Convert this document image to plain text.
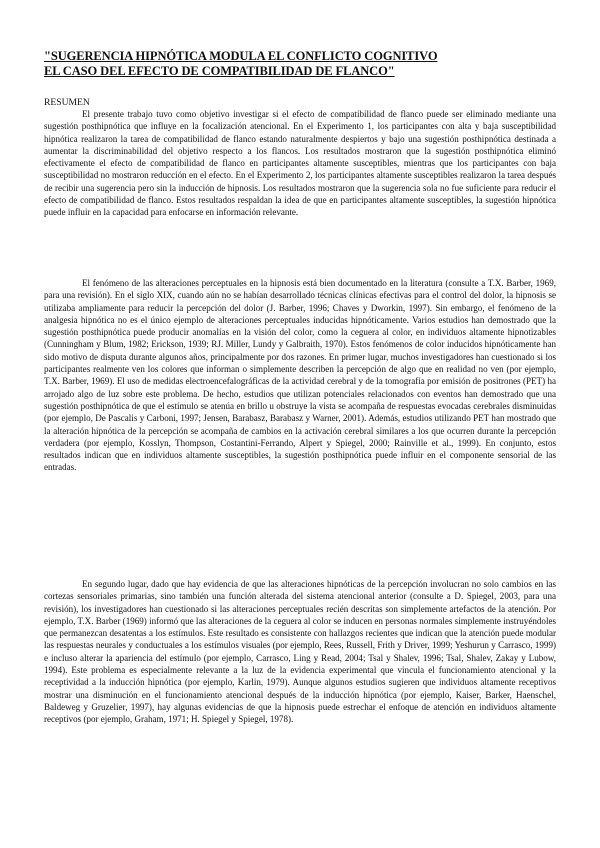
"SUGERENCIA HIPNÓTICA MODULA EL CONFLICTO COGNITIVO
EL CASO DEL EFECTO DE COMPATIBILIDAD DE FLANCO"

RESUMEN

El presente trabajo tuvo como objetivo investigar si el efecto de compatibilidad de flanco puede ser eliminado mediante una sugestión posthipnótica que influye en la focalización atencional. En el Experimento 1, los participantes con alta y baja susceptibilidad hipnótica realizaron la tarea de compatibilidad de flanco estando naturalmente despiertos y bajo una sugestión posthipnótica destinada a aumentar la discriminabilidad del objetivo respecto a los flancos. Los resultados mostraron que la sugestión posthipnótica eliminó efectivamente el efecto de compatibilidad de flanco en participantes altamente susceptibles, mientras que los participantes con baja susceptibilidad no mostraron reducción en el efecto. En el Experimento 2, los participantes altamente susceptibles realizaron la tarea después de recibir una sugerencia pero sin la inducción de hipnosis. Los resultados mostraron que la sugerencia sola no fue suficiente para reducir el efecto de compatibilidad de flanco. Estos resultados respaldan la idea de que en participantes altamente susceptibles, la sugestión hipnótica puede influir en la capacidad para enfocarse en información relevante.

El fenómeno de las alteraciones perceptuales en la hipnosis está bien documentado en la literatura (consulte a T.X. Barber, 1969, para una revisión). En el siglo XIX, cuando aún no se habían desarrollado técnicas clínicas efectivas para el control del dolor, la hipnosis se utilizaba ampliamente para reducir la percepción del dolor (J. Barber, 1996; Chaves y Dworkin, 1997). Sin embargo, el fenómeno de la analgesia hipnótica no es el único ejemplo de alteraciones perceptuales inducidas hipnóticamente. Varios estudios han demostrado que la sugestión posthipnótica puede producir anomalías en la visión del color, como la ceguera al color, en individuos altamente hipnotizables (Cunningham y Blum, 1982; Erickson, 1939; RJ. Miller, Lundy y Galbraith, 1970). Estos fenómenos de color inducidos hipnóticamente han sido motivo de disputa durante algunos años, principalmente por dos razones. En primer lugar, muchos investigadores han cuestionado si los participantes realmente ven los colores que informan o simplemente describen la percepción de algo que en realidad no ven (por ejemplo, T.X. Barber, 1969). El uso de medidas electroencefalográficas de la actividad cerebral y de la tomografía por emisión de positrones (PET) ha arrojado algo de luz sobre este problema. De hecho, estudios que utilizan potenciales relacionados con eventos han demostrado que una sugestión posthipnótica de que el estímulo se atenúa en brillo u obstruye la vista se acompaña de respuestas evocadas cerebrales disminuidas (por ejemplo, De Pascalis y Carboni, 1997; Jensen, Barabasz, Barabasz y Warner, 2001). Además, estudios utilizando PET han mostrado que la alteración hipnótica de la percepción se acompaña de cambios en la activación cerebral similares a los que ocurren durante la percepción verdadera (por ejemplo, Kosslyn, Thompson, Costantini-Ferrando, Alpert y Spiegel, 2000; Rainville et al., 1999). En conjunto, estos resultados indican que en individuos altamente susceptibles, la sugestión posthipnótica puede influir en el componente sensorial de las entradas.

En segundo lugar, dado que hay evidencia de que las alteraciones hipnóticas de la percepción involucran no solo cambios en las cortezas sensoriales primarias, sino también una función alterada del sistema atencional anterior (consulte a D. Spiegel, 2003, para una revisión), los investigadores han cuestionado si las alteraciones perceptuales recién descritas son simplemente artefactos de la atención. Por ejemplo, T.X. Barber (1969) informó que las alteraciones de la ceguera al color se inducen en personas normales simplemente instruyéndoles que permanezcan desatentas a los estímulos. Este resultado es consistente con hallazgos recientes que indican que la atención puede modular las respuestas neurales y conductuales a los estímulos visuales (por ejemplo, Rees, Russell, Frith y Driver, 1999; Yeshurun y Carrasco, 1999) e incluso alterar la apariencia del estímulo (por ejemplo, Carrasco, Ling y Read, 2004; Tsal y Shalev, 1996; Tsal, Shalev, Zakay y Lubow, 1994). Este problema es especialmente relevante a la luz de la evidencia experimental que vincula el funcionamiento atencional y la receptividad a la inducción hipnótica (por ejemplo, Karlin, 1979). Aunque algunos estudios sugieren que individuos altamente receptivos mostrar una disminución en el funcionamiento atencional después de la inducción hipnótica (por ejemplo, Kaiser, Barker, Haenschel, Baldeweg y Gruzelier, 1997), hay algunas evidencias de que la hipnosis puede estrechar el enfoque de atención en individuos altamente receptivos (por ejemplo, Graham, 1971; H. Spiegel y Spiegel, 1978).
